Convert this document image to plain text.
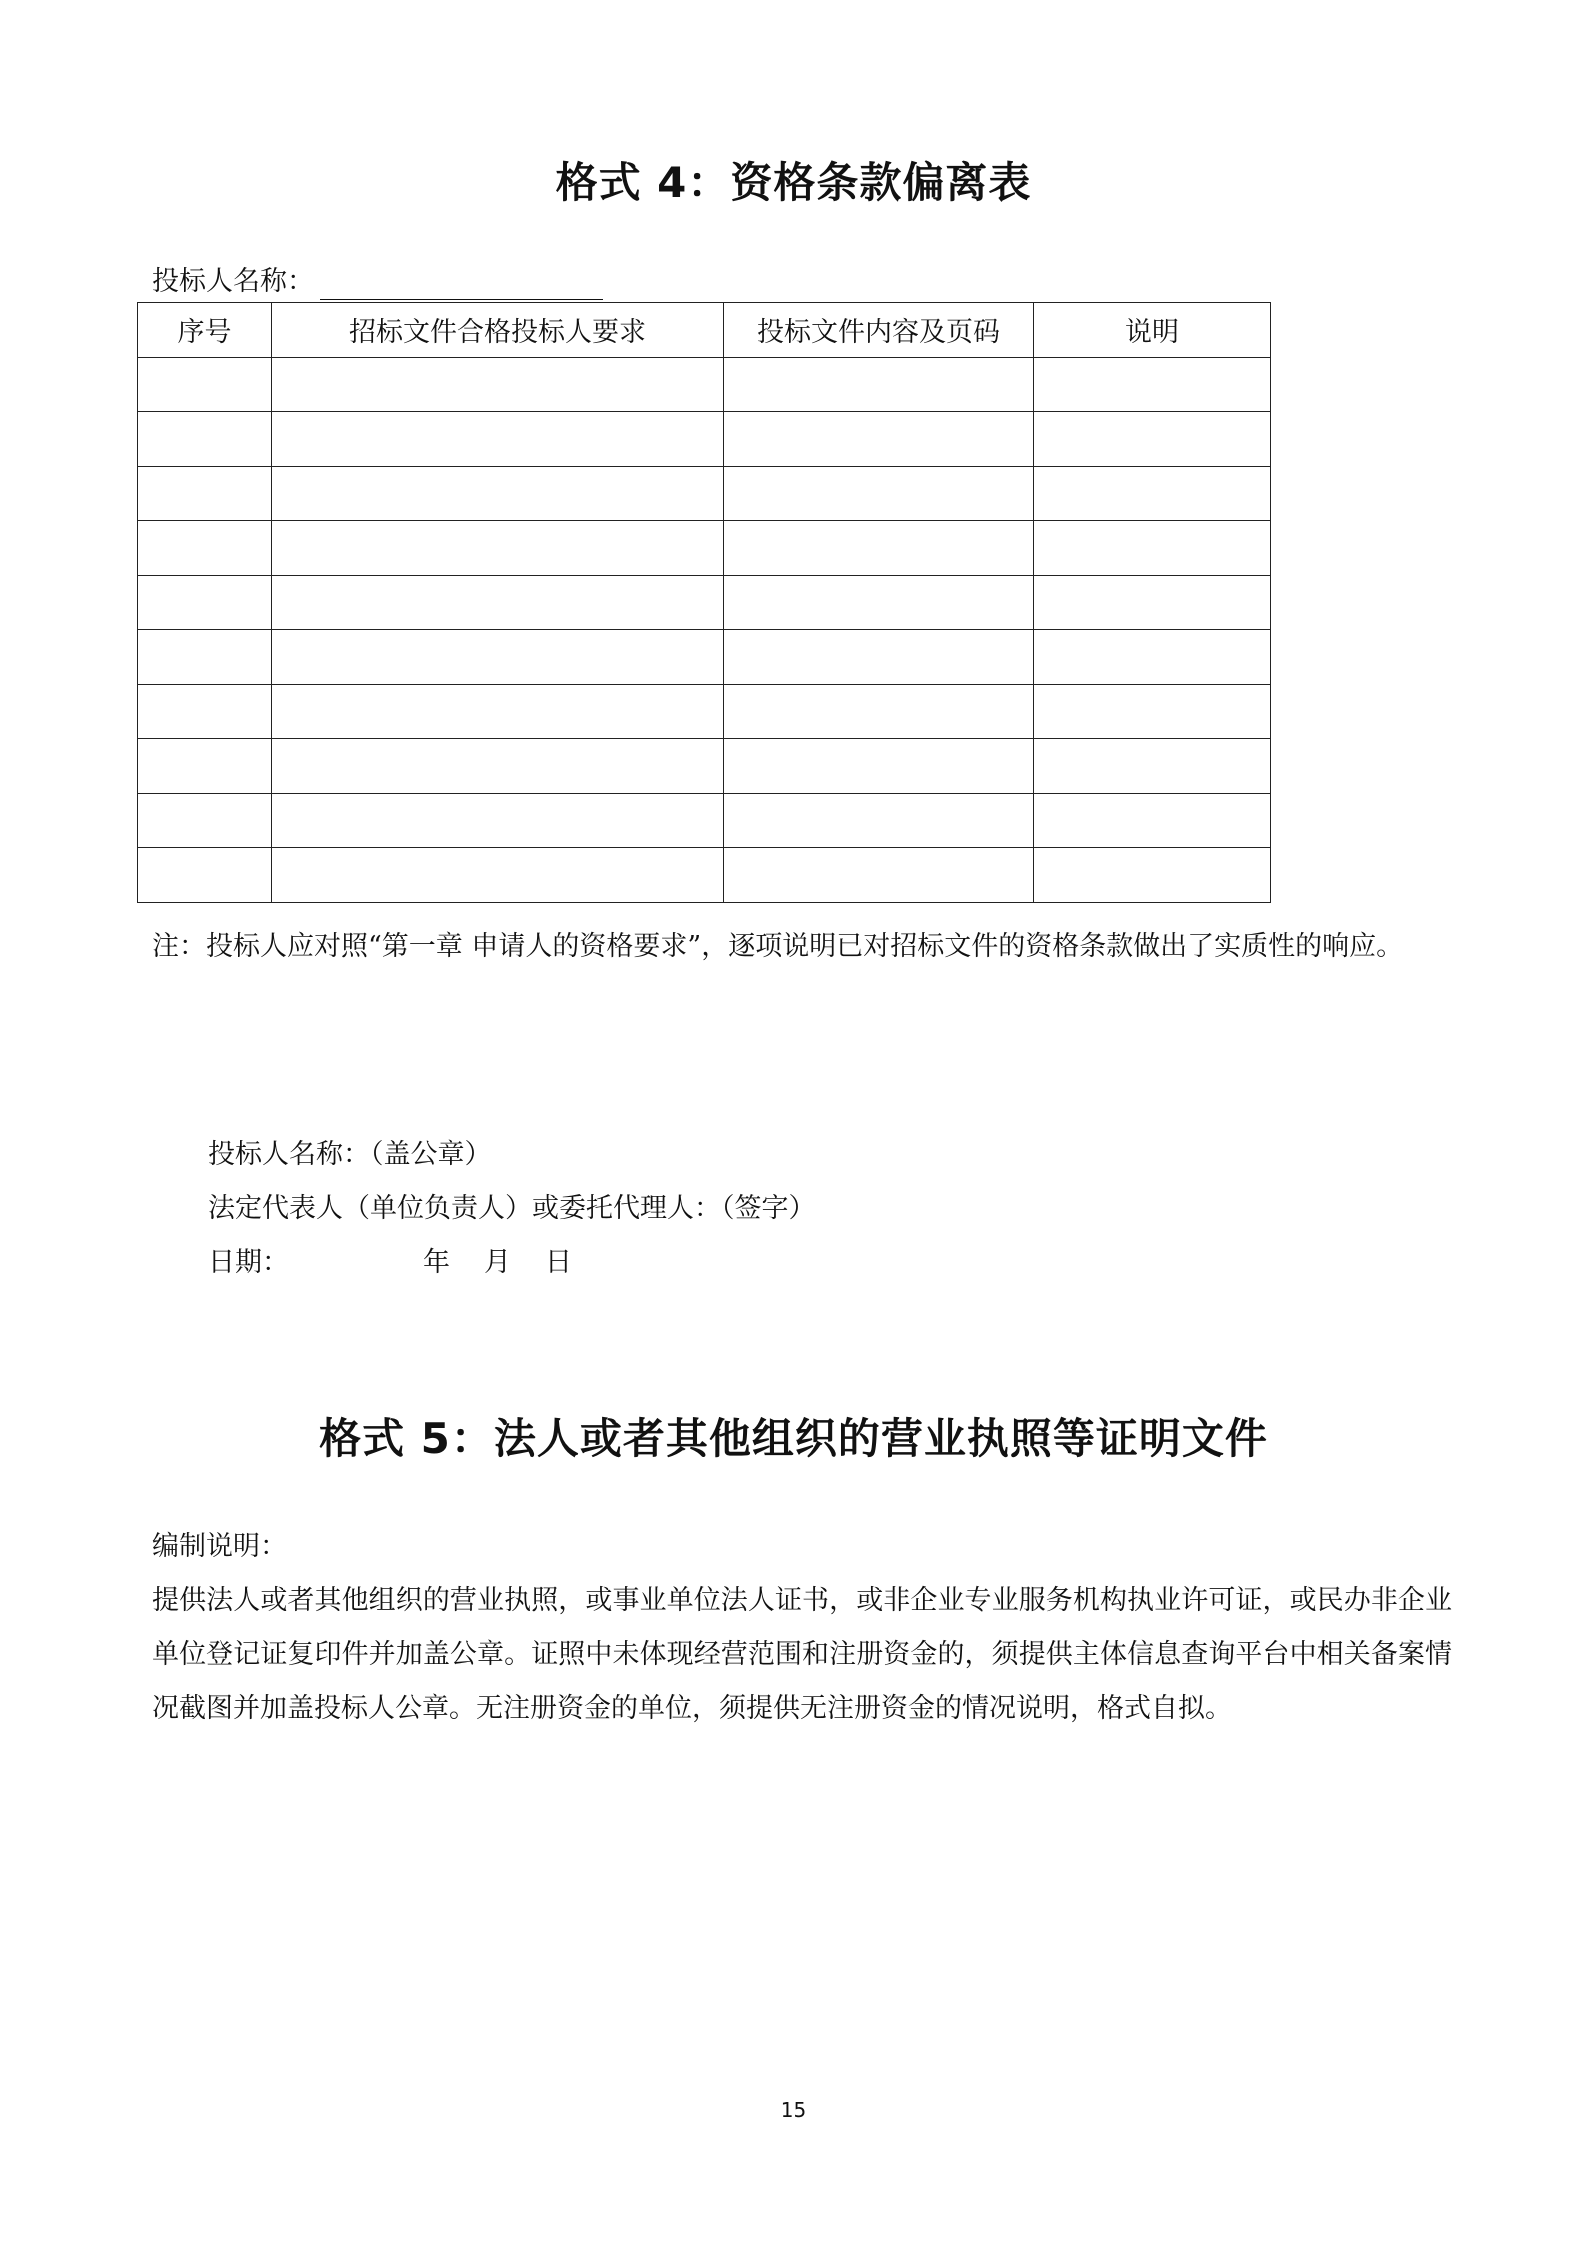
格式 4：资格条款偏离表
投标人名称：
序号	招标文件合格投标人要求	投标文件内容及页码	说明

注：投标人应对照“第一章 申请人的资格要求”，逐项说明已对招标文件的资格条款做出了实质性的响应。
投标人名称：（盖公章）
法定代表人（单位负责人）或委托代理人：（签字）
日期：	年 月 日
格式 5：法人或者其他组织的营业执照等证明文件
编制说明：
提供法人或者其他组织的营业执照，或事业单位法人证书，或非企业专业服务机构执业许可证，或民办非企业单位登记证复印件并加盖公章。证照中未体现经营范围和注册资金的，须提供主体信息查询平台中相关备案情况截图并加盖投标人公章。无注册资金的单位，须提供无注册资金的情况说明，格式自拟。
15
